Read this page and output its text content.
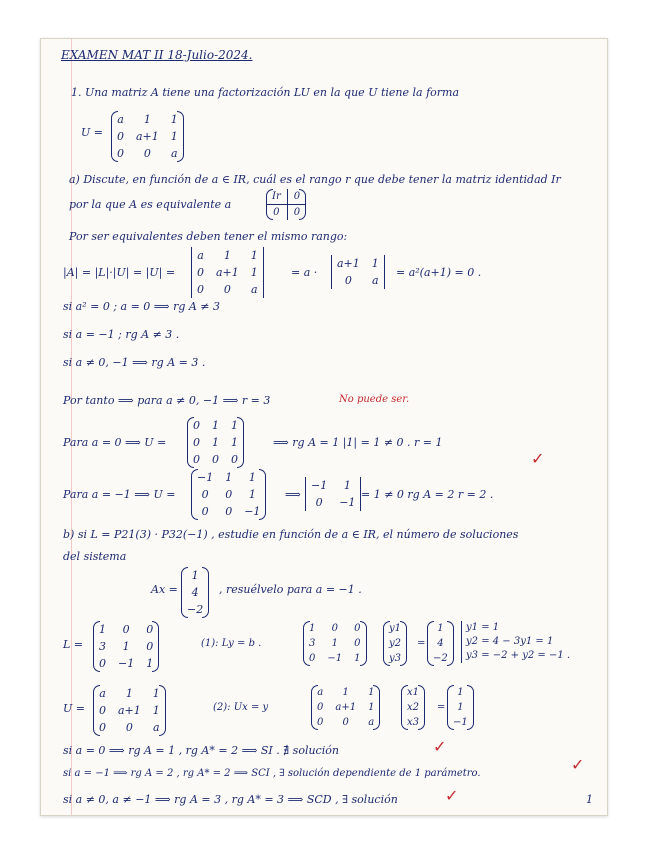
EXAMEN MAT II 18-Julio-2024.
1. Una matriz A tiene una factorización LU en la que U tiene la forma
U =
a	1	1
0	a+1	1
0	0	a
a) Discute, en función de a ∈ IR, cuál es el rango r que debe tener la matriz identidad Ir
por la que A es equivalente a
Ir	0
0	0
Por ser equivalentes deben tener el mismo rango:
|A| = |L|·|U| = |U| =
a	1	1
0	a+1	1
0	0	a
= a ·
a+1	1
0	a
= a²(a+1) = 0 .
si a² = 0 ; a = 0 ⟹ rg A ≠ 3
si a = −1 ; rg A ≠ 3 .
si a ≠ 0, −1 ⟹ rg A = 3 .
Por tanto ⟹ para a ≠ 0, −1 ⟹ r = 3	No puede ser.
Para a = 0 ⟹ U =
0	1	1
0	1	1
0	0	0
⟹ rg A = 1 |1| = 1 ≠ 0 . r = 1
✓
Para a = −1 ⟹ U =
−1	1	1
0	0	1
0	0	−1
⟹
−1	1
0	−1
= 1 ≠ 0 rg A = 2 r = 2 .
b) si L = P21(3) · P32(−1) , estudie en función de a ∈ IR, el número de soluciones
del sistema
Ax =
1
4
−2
, resuélvelo para a = −1 .
L =
1	0	0
3	1	0
0	−1	1
(1): Ly = b .
1	0	0
3	1	0
0	−1	1
y1
y2
y3
=
1
4
−2
y1 = 1
y2 = 4 − 3y1 = 1
y3 = −2 + y2 = −1 .
U =
a	1	1
0	a+1	1
0	0	a
(2): Ux = y
a	1	1
0	a+1	1
0	0	a
x1
x2
x3
=
1
1
−1
si a = 0 ⟹ rg A = 1 , rg A* = 2 ⟹ SI . ∄ solución	✓
si a = −1 ⟹ rg A = 2 , rg A* = 2 ⟹ SCI , ∃ solución dependiente de 1 parámetro.	✓
si a ≠ 0, a ≠ −1 ⟹ rg A = 3 , rg A* = 3 ⟹ SCD , ∃ solución	✓	1
